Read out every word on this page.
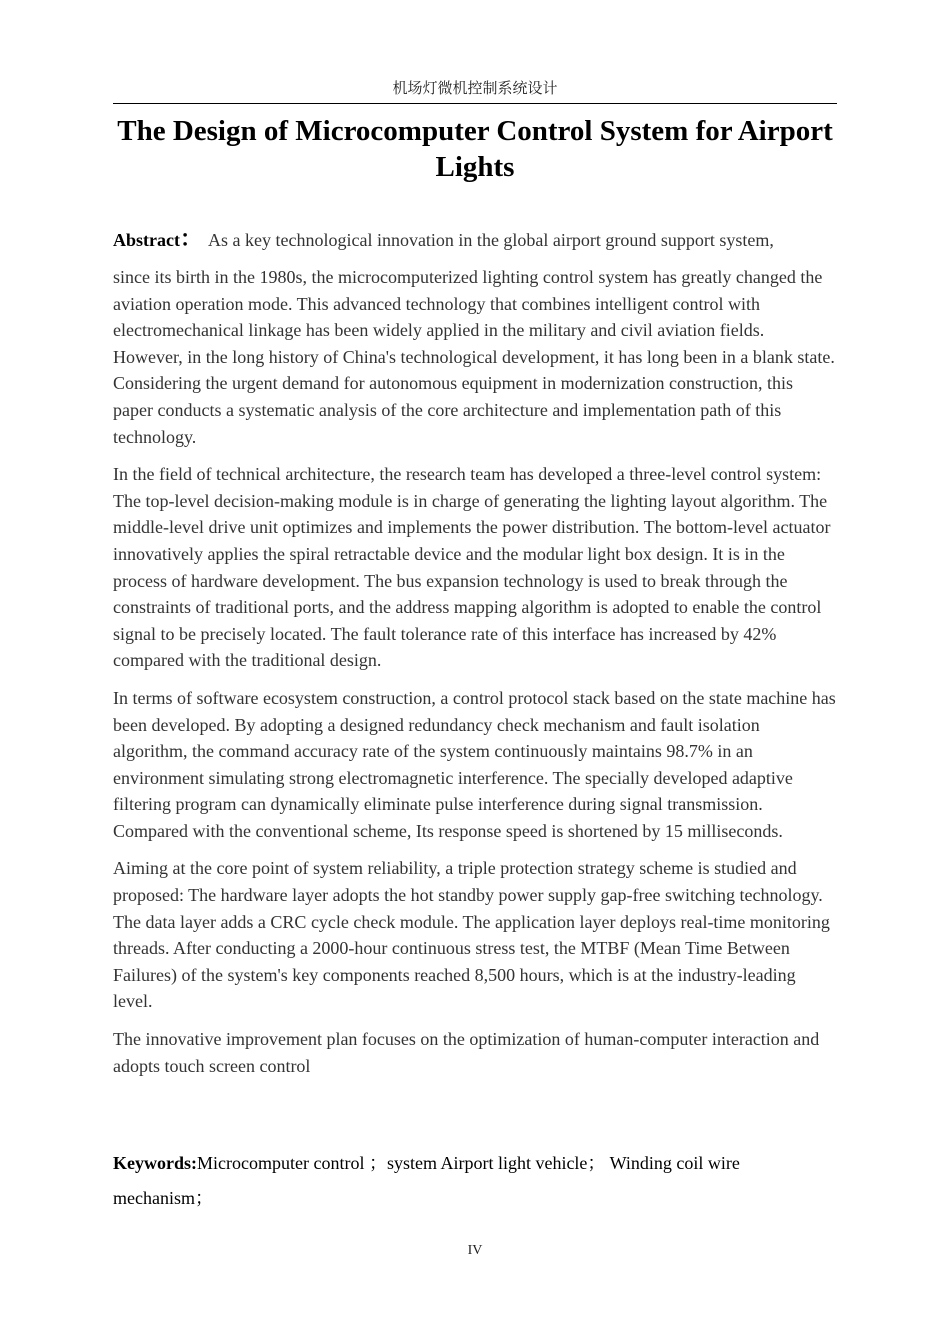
机场灯微机控制系统设计
The Design of Microcomputer Control System for Airport Lights
Abstract： As a key technological innovation in the global airport ground support system,

since its birth in the 1980s, the microcomputerized lighting control system has greatly changed the aviation operation mode. This advanced technology that combines intelligent control with electromechanical linkage has been widely applied in the military and civil aviation fields. However, in the long history of China's technological development, it has long been in a blank state. Considering the urgent demand for autonomous equipment in modernization construction, this paper conducts a systematic analysis of the core architecture and implementation path of this technology.

In the field of technical architecture, the research team has developed a three-level control system: The top-level decision-making module is in charge of generating the lighting layout algorithm. The middle-level drive unit optimizes and implements the power distribution. The bottom-level actuator innovatively applies the spiral retractable device and the modular light box design. It is in the process of hardware development. The bus expansion technology is used to break through the constraints of traditional ports, and the address mapping algorithm is adopted to enable the control signal to be precisely located. The fault tolerance rate of this interface has increased by 42% compared with the traditional design.

In terms of software ecosystem construction, a control protocol stack based on the state machine has been developed. By adopting a designed redundancy check mechanism and fault isolation algorithm, the command accuracy rate of the system continuously maintains 98.7% in an environment simulating strong electromagnetic interference. The specially developed adaptive filtering program can dynamically eliminate pulse interference during signal transmission. Compared with the conventional scheme, Its response speed is shortened by 15 milliseconds.

Aiming at the core point of system reliability, a triple protection strategy scheme is studied and proposed: The hardware layer adopts the hot standby power supply gap-free switching technology. The data layer adds a CRC cycle check module. The application layer deploys real-time monitoring threads. After conducting a 2000-hour continuous stress test, the MTBF (Mean Time Between Failures) of the system's key components reached 8,500 hours, which is at the industry-leading level.

The innovative improvement plan focuses on the optimization of human-computer interaction and adopts touch screen control

Keywords:Microcomputer control ；system Airport light vehicle； Winding coil wire mechanism；
IV
